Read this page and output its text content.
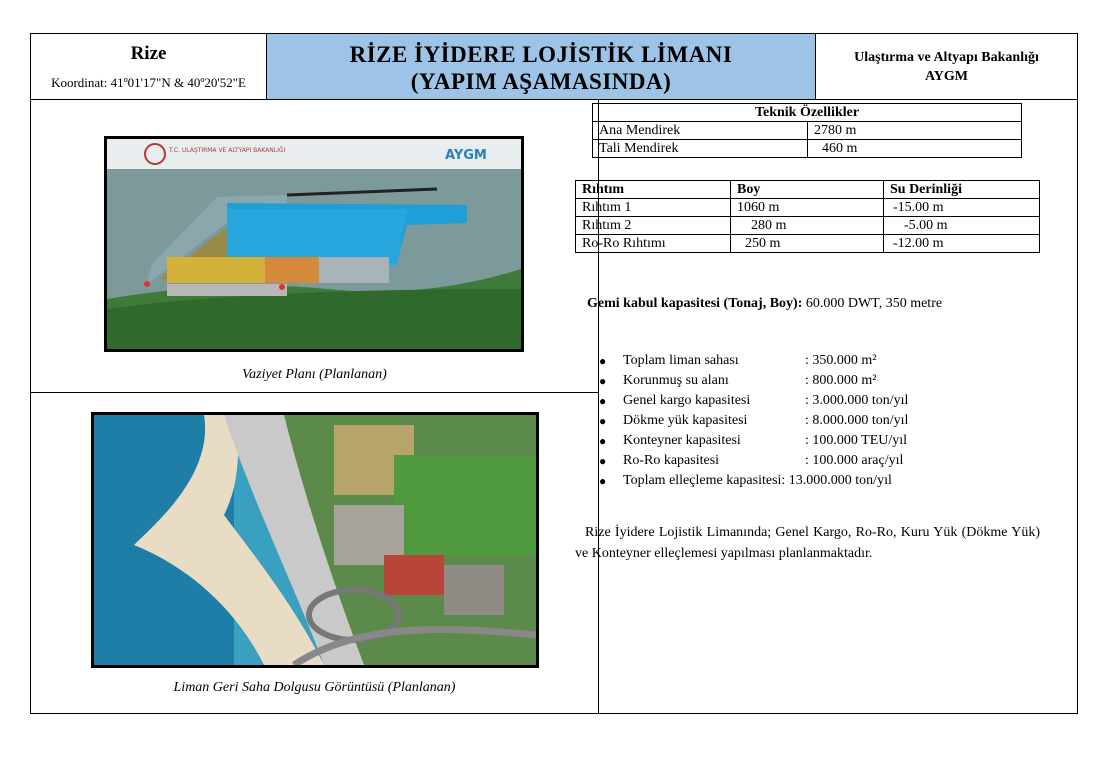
Rize
Koordinat: 41º01'17"N & 40º20'52"E
RİZE İYİDERE LOJİSTİK LİMANI
(YAPIM AŞAMASINDA)
Ulaştırma ve Altyapı Bakanlığı
AYGM
T.C. ULAŞTIRMA VE ALTYAPI BAKANLIĞI	AYGM
Vaziyet Planı (Planlanan)
Liman Geri Saha Dolgusu Görüntüsü (Planlanan)
Teknik Özellikler	
Ana Mendirek	2780 m
Tali Mendirek	460 m
Rıhtım	Boy	Su Derinliği
Rıhtım 1	1060 m	-15.00 m
Rıhtım 2	280 m	-5.00 m
Ro-Ro Rıhtımı	250 m	-12.00 m
Gemi kabul kapasitesi (Tonaj, Boy): 60.000 DWT, 350 metre
●	Toplam liman sahası	: 350.000 m²
●	Korunmuş su alanı	: 800.000 m²
●	Genel kargo kapasitesi	: 3.000.000 ton/yıl
●	Dökme yük kapasitesi	: 8.000.000 ton/yıl
●	Konteyner kapasitesi	: 100.000 TEU/yıl
●	Ro-Ro kapasitesi	: 100.000 araç/yıl
●	Toplam elleçleme kapasitesi : 13.000.000 ton/yıl
Rize İyidere Lojistik Limanında; Genel Kargo, Ro-Ro, Kuru Yük (Dökme Yük) ve Konteyner elleçlemesi yapılması planlanmaktadır.
